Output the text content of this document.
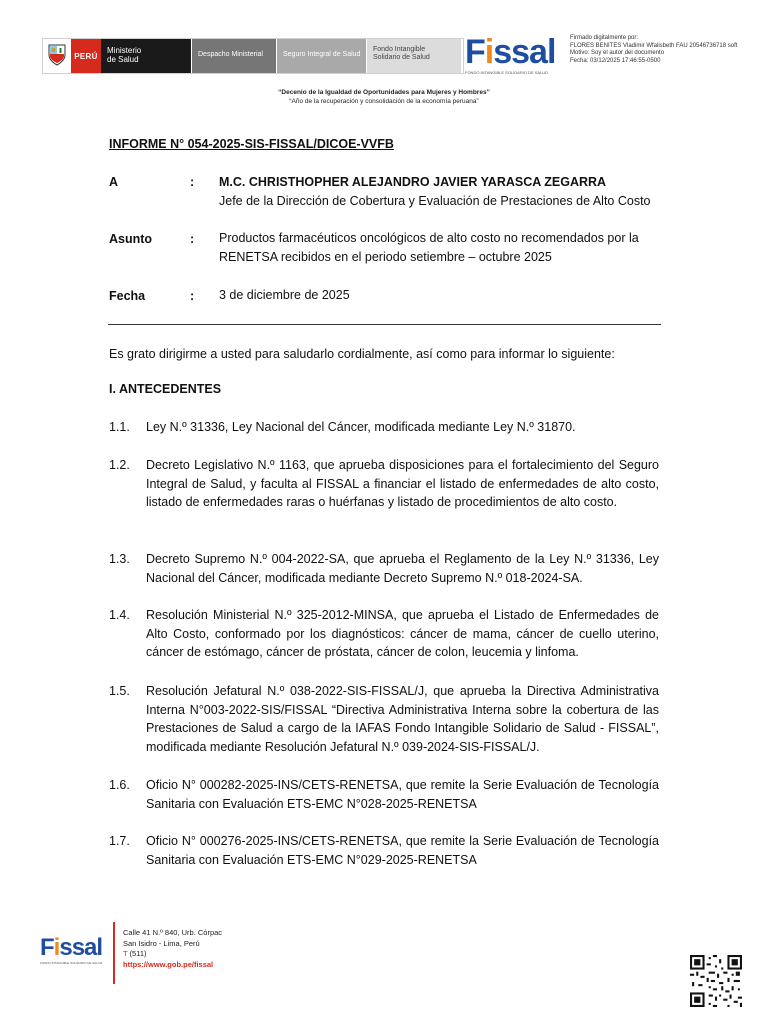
PERÚ
Ministerio
de Salud
Despacho Ministerial	Seguro Integral de Salud
Fondo Intangible
Solidario de Salud	Fissal
FONDO INTANGIBLE SOLIDARIO DE SALUD
Firmado digitalmente por:
FLORES BENITES Vladimir Wfalisbeth FAU 20546736718 soft
Motivo: Soy el autor del documento
Fecha: 03/12/2025 17:46:55-0500
“Decenio de la Igualdad de Oportunidades para Mujeres y Hombres”
“Año de la recuperación y consolidación de la economía peruana”
INFORME N° 054-2025-SIS-FISSAL/DICOE-VVFB
A	: M.C. CHRISTHOPHER ALEJANDRO JAVIER YARASCA ZEGARRA
Jefe de la Dirección de Cobertura y Evaluación de Prestaciones de Alto Costo
Asunto	: Productos farmacéuticos oncológicos de alto costo no recomendados por la
RENETSA recibidos en el periodo setiembre – octubre 2025
Fecha	: 3 de diciembre de 2025
Es grato dirigirme a usted para saludarlo cordialmente, así como para informar lo siguiente:
I. ANTECEDENTES
1.1. Ley N.º 31336, Ley Nacional del Cáncer, modificada mediante Ley N.º 31870.
1.2. Decreto Legislativo N.º 1163, que aprueba disposiciones para el fortalecimiento del Seguro Integral de Salud, y faculta al FISSAL a financiar el listado de enfermedades de alto costo, listado de enfermedades raras o huérfanas y listado de procedimientos de alto costo.
1.3. Decreto Supremo N.º 004-2022-SA, que aprueba el Reglamento de la Ley N.º 31336, Ley Nacional del Cáncer, modificada mediante Decreto Supremo N.º 018-2024-SA.
1.4. Resolución Ministerial N.º 325-2012-MINSA, que aprueba el Listado de Enfermedades de Alto Costo, conformado por los diagnósticos: cáncer de mama, cáncer de cuello uterino, cáncer de estómago, cáncer de próstata, cáncer de colon, leucemia y linfoma.
1.5. Resolución Jefatural N.º 038-2022-SIS-FISSAL/J, que aprueba la Directiva Administrativa Interna N°003-2022-SIS/FISSAL “Directiva Administrativa Interna sobre la cobertura de las Prestaciones de Salud a cargo de la IAFAS Fondo Intangible Solidario de Salud - FISSAL”, modificada mediante Resolución Jefatural N.º 039-2024-SIS-FISSAL/J.
1.6. Oficio N° 000282-2025-INS/CETS-RENETSA, que remite la Serie Evaluación de Tecnología Sanitaria con Evaluación ETS-EMC N°028-2025-RENETSA
1.7. Oficio N° 000276-2025-INS/CETS-RENETSA, que remite la Serie Evaluación de Tecnología Sanitaria con Evaluación ETS-EMC N°029-2025-RENETSA
Fissal
FONDO INTANGIBLE SOLIDARIO DE SALUD
Calle 41 N.º 840, Urb. Córpac
San Isidro - Lima, Perú
T (511)
https://www.gob.pe/fissal
